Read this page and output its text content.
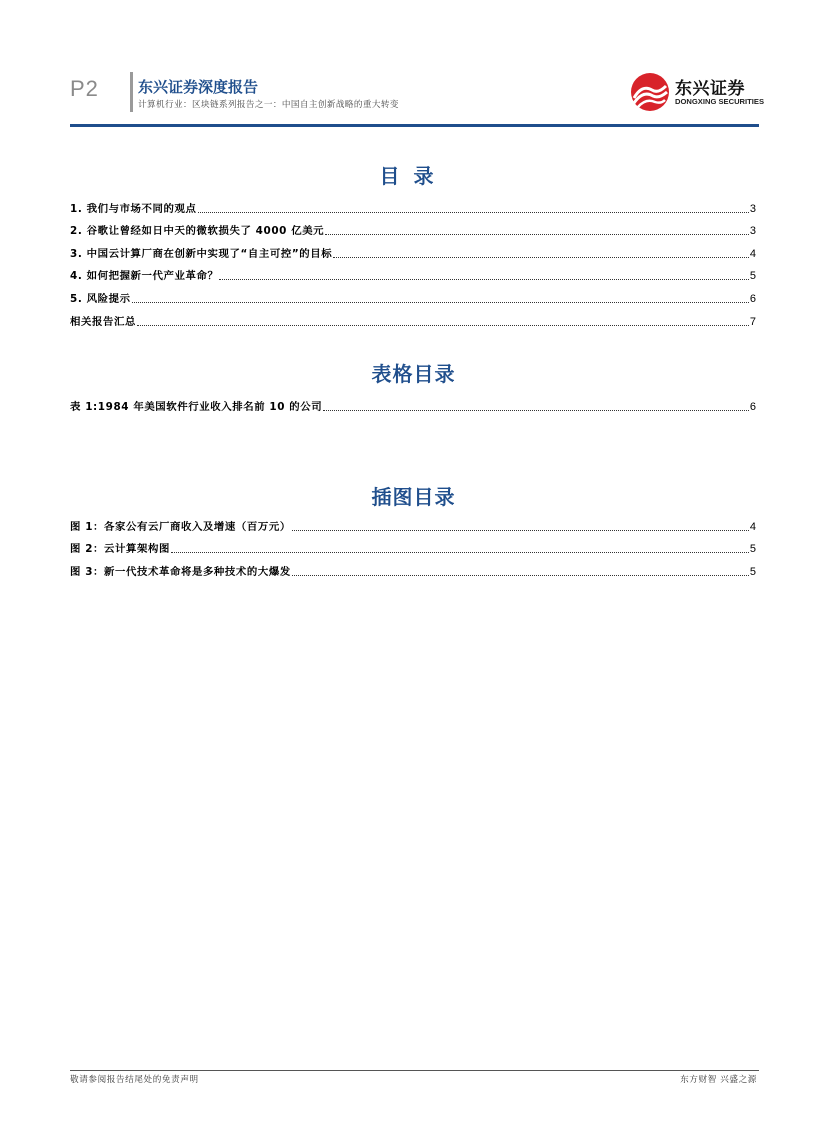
P2	东兴证券深度报告
计算机行业：区块链系列报告之一：中国自主创新战略的重大转变
东兴证券
DONGXING SECURITIES
目录
1. 我们与市场不同的观点	3
2. 谷歌让曾经如日中天的微软损失了 4000 亿美元	3
3. 中国云计算厂商在创新中实现了“自主可控”的目标	4
4. 如何把握新一代产业革命？	5
5. 风险提示	6
相关报告汇总	7
表格目录
表 1:1984 年美国软件行业收入排名前 10 的公司	6
插图目录
图 1：各家公有云厂商收入及增速（百万元）	4
图 2：云计算架构图	5
图 3：新一代技术革命将是多种技术的大爆发	5
敬请参阅报告结尾处的免责声明	东方财智 兴盛之源
